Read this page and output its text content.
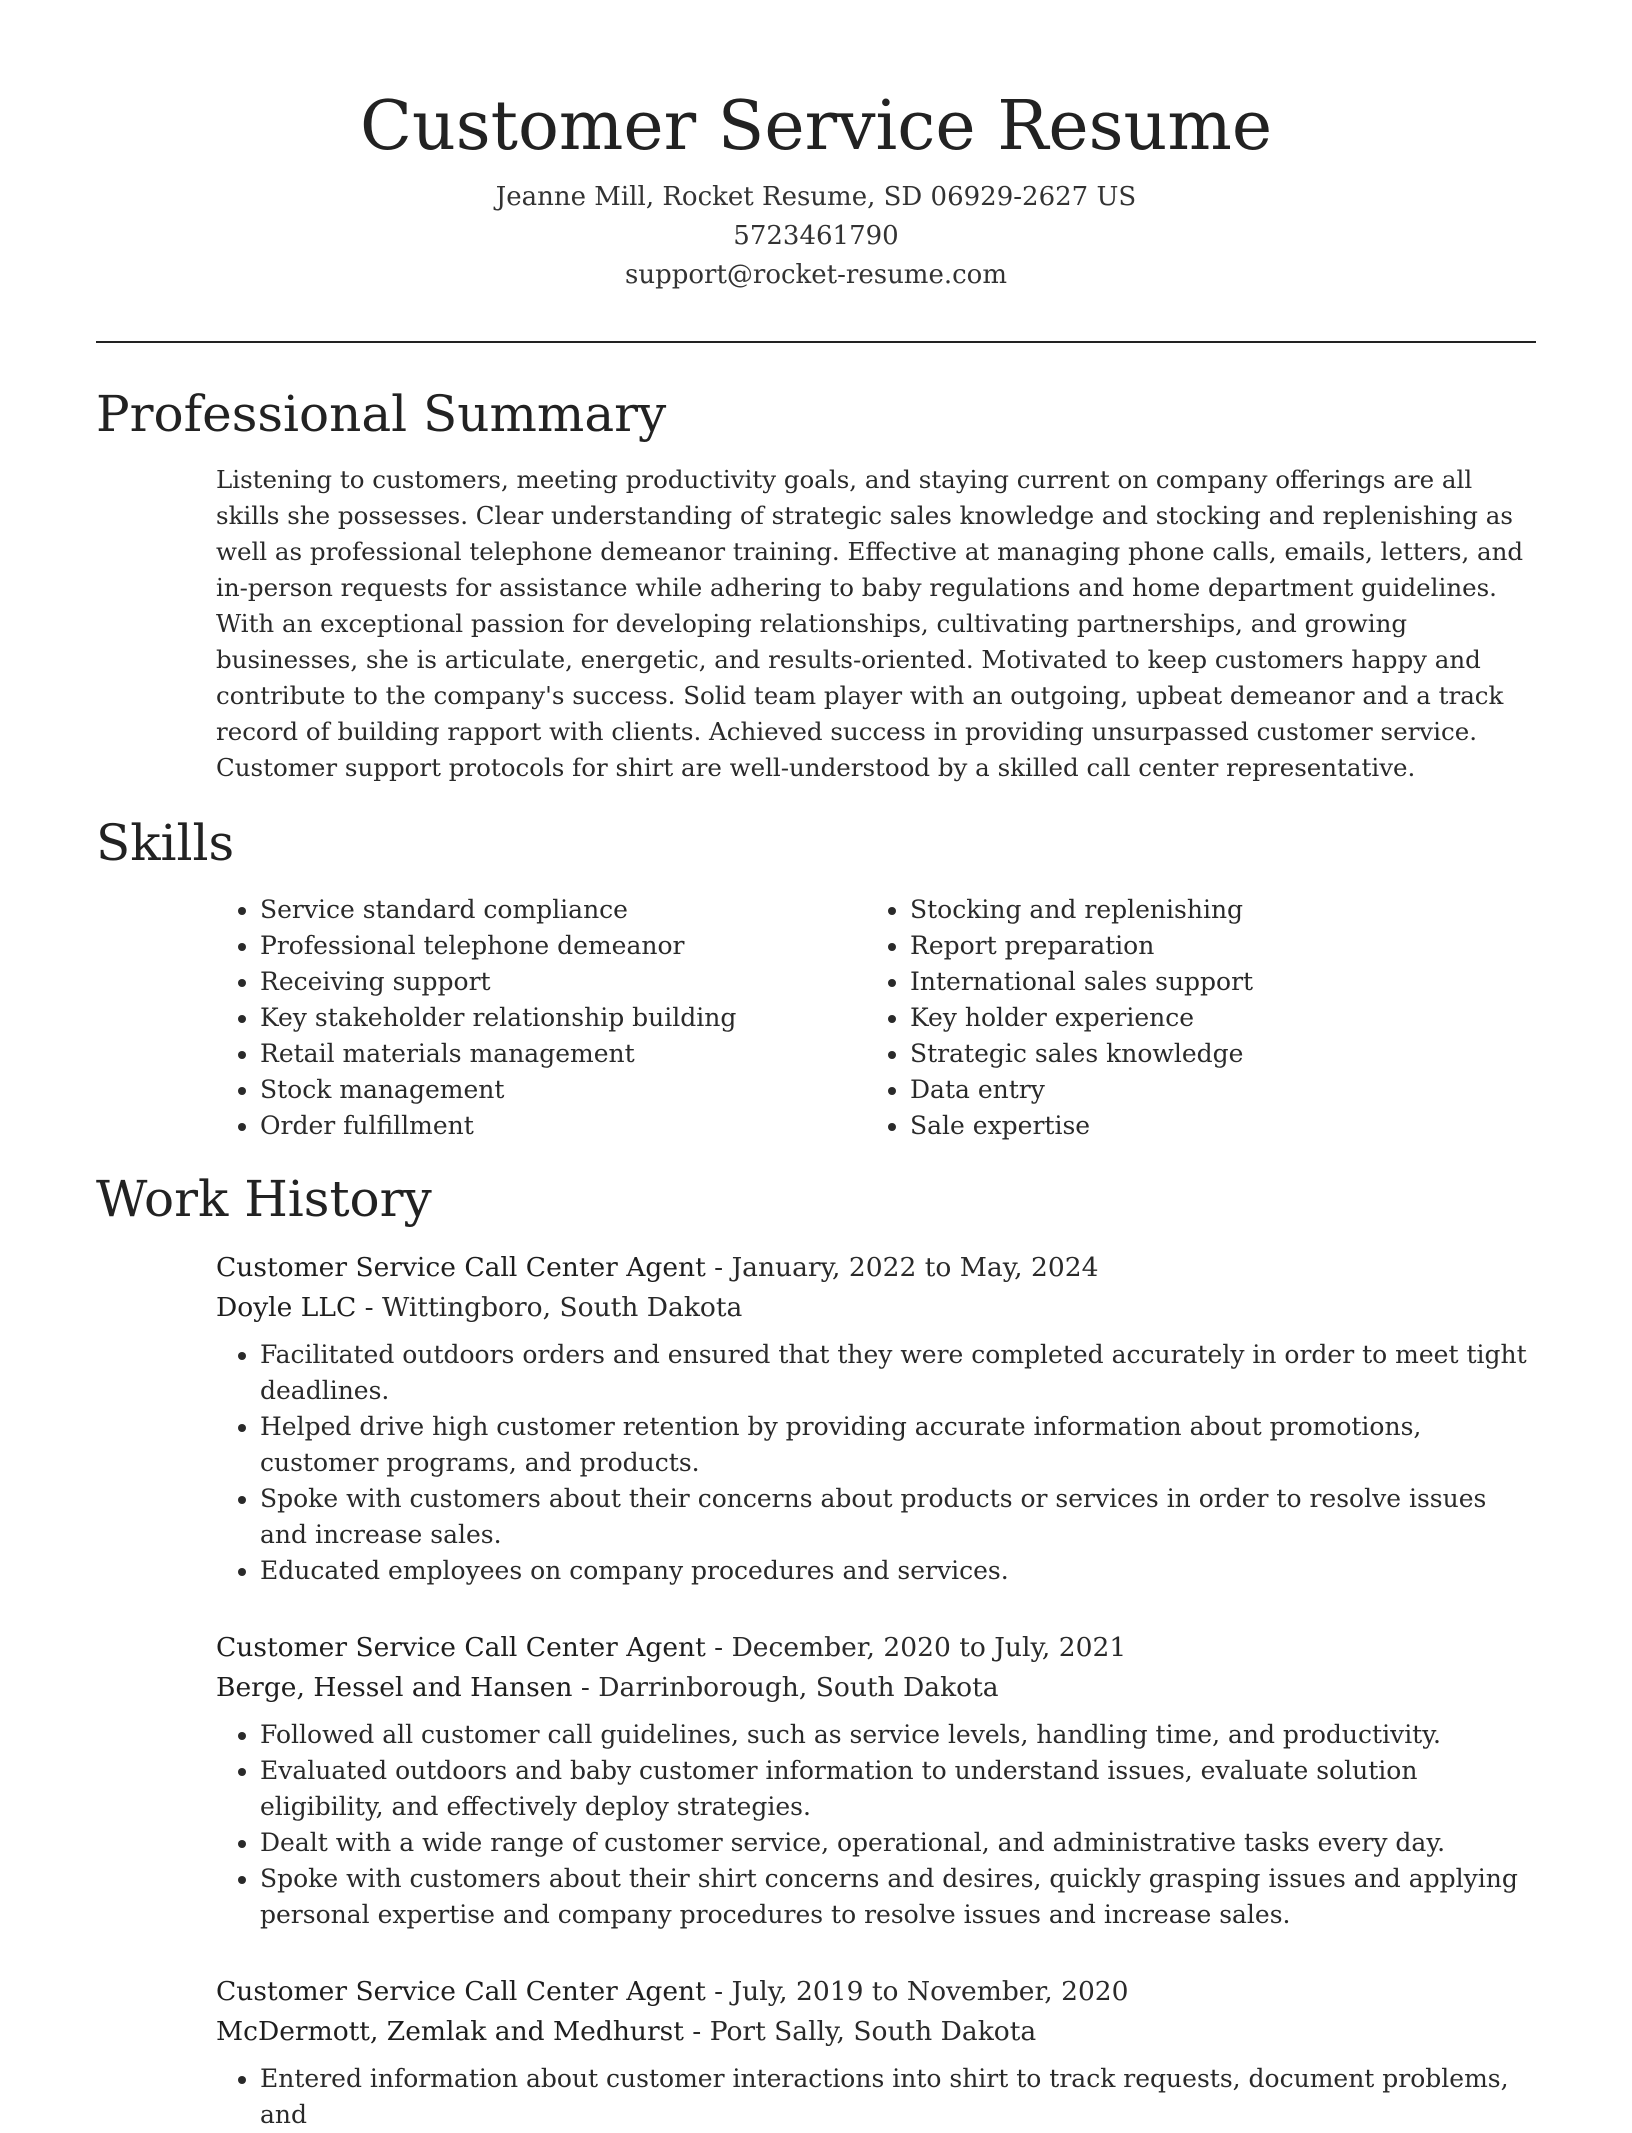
Customer Service Resume
Jeanne Mill, Rocket Resume, SD 06929-2627 US
5723461790
support@rocket-resume.com
Professional Summary

Listening to customers, meeting productivity goals, and staying current on company offerings are all skills she possesses. Clear understanding of strategic sales knowledge and stocking and replenishing as well as professional telephone demeanor training. Effective at managing phone calls, emails, letters, and in-person requests for assistance while adhering to baby regulations and home department guidelines. With an exceptional passion for developing relationships, cultivating partnerships, and growing businesses, she is articulate, energetic, and results-oriented. Motivated to keep customers happy and contribute to the company's success. Solid team player with an outgoing, upbeat demeanor and a track record of building rapport with clients. Achieved success in providing unsurpassed customer service. Customer support protocols for shirt are well-understood by a skilled call center representative.

Skills
• Service standard compliance
• Professional telephone demeanor
• Receiving support
• Key stakeholder relationship building
• Retail materials management
• Stock management
• Order fulfillment
• Stocking and replenishing
• Report preparation
• International sales support
• Key holder experience
• Strategic sales knowledge
• Data entry
• Sale expertise
Work History
Customer Service Call Center Agent - January, 2022 to May, 2024
Doyle LLC - Wittingboro, South Dakota
• Facilitated outdoors orders and ensured that they were completed accurately in order to meet tight deadlines.
• Helped drive high customer retention by providing accurate information about promotions, customer programs, and products.
• Spoke with customers about their concerns about products or services in order to resolve issues and increase sales.
• Educated employees on company procedures and services.
Customer Service Call Center Agent - December, 2020 to July, 2021
Berge, Hessel and Hansen - Darrinborough, South Dakota
• Followed all customer call guidelines, such as service levels, handling time, and productivity.
• Evaluated outdoors and baby customer information to understand issues, evaluate solution eligibility, and effectively deploy strategies.
• Dealt with a wide range of customer service, operational, and administrative tasks every day.
• Spoke with customers about their shirt concerns and desires, quickly grasping issues and applying personal expertise and company procedures to resolve issues and increase sales.
Customer Service Call Center Agent - July, 2019 to November, 2020
McDermott, Zemlak and Medhurst - Port Sally, South Dakota
• Entered information about customer interactions into shirt to track requests, document problems, and
